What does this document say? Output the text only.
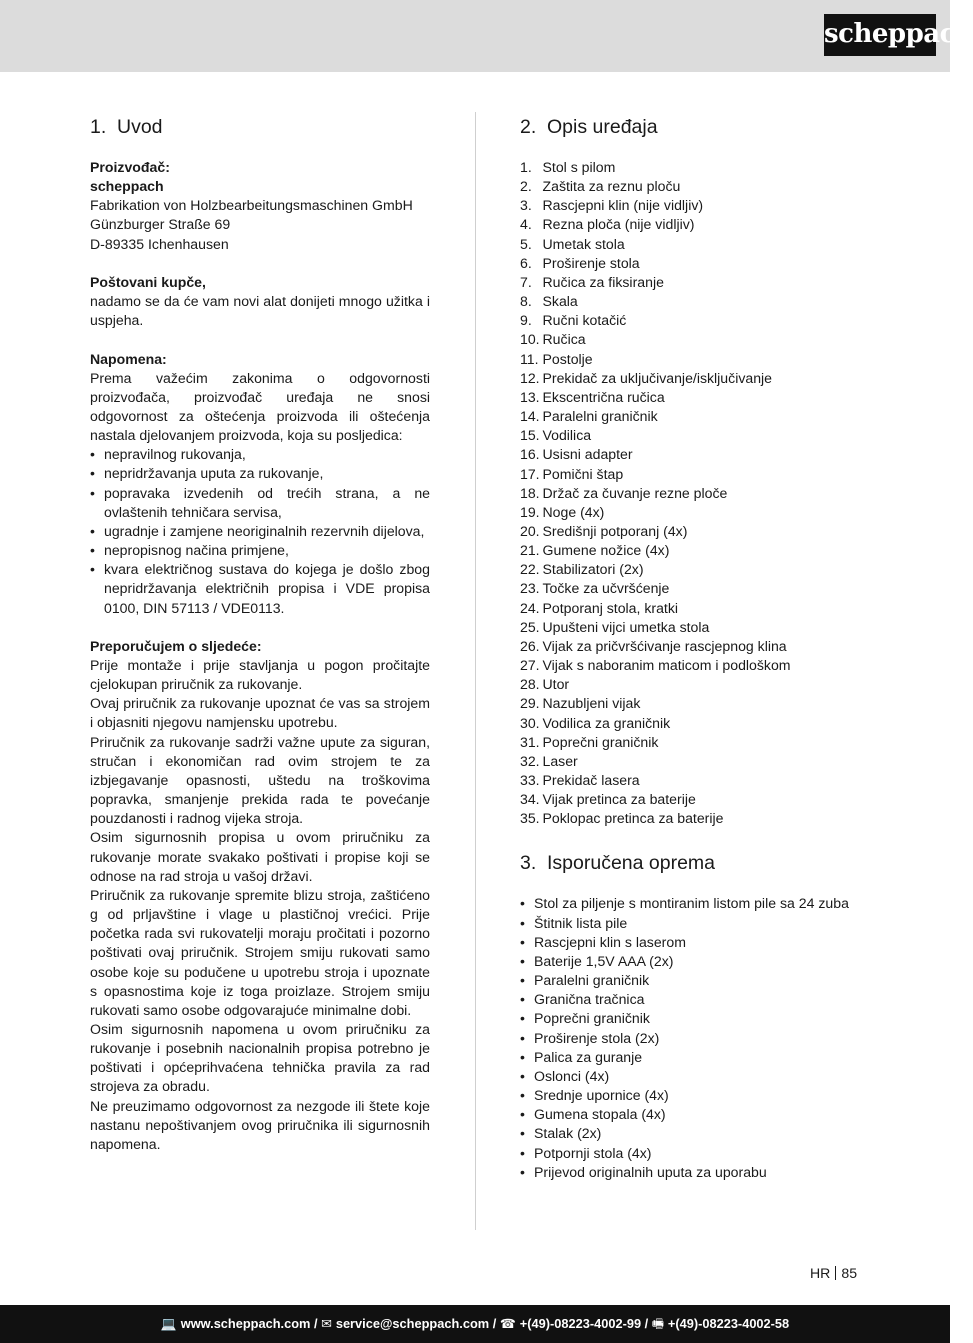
scheppach
1. Uvod
Proizvođač:
scheppach
Fabrikation von Holzbearbeitungsmaschinen GmbH
Günzburger Straße 69
D-89335 Ichenhausen
Poštovani kupče,
nadamo se da će vam novi alat donijeti mnogo užitka i uspjeha.
Napomena:
Prema važećim zakonima o odgovornosti proizvođača, proizvođač uređaja ne snosi odgovornost za oštećenja proizvoda ili oštećenja nastala djelovanjem proizvoda, koja su posljedica:
• nepravilnog rukovanja,
• nepridržavanja uputa za rukovanje,
• popravaka izvedenih od trećih strana, a ne ovlaštenih tehničara servisa,
• ugradnje i zamjene neoriginalnih rezervnih dijelova,
• nepropisnog načina primjene,
• kvara električnog sustava do kojega je došlo zbog nepridržavanja električnih propisa i VDE propisa 0100, DIN 57113 / VDE0113.
Preporučujem o sljedeće:
Prije montaže i prije stavljanja u pogon pročitajte cjelokupan priručnik za rukovanje.
Ovaj priručnik za rukovanje upoznat će vas sa strojem i objasniti njegovu namjensku upotrebu.
Priručnik za rukovanje sadrži važne upute za siguran, stručan i ekonomičan rad ovim strojem te za izbjegavanje opasnosti, uštedu na troškovima popravka, smanjenje prekida rada te povećanje pouzdanosti i radnog vijeka stroja.
Osim sigurnosnih propisa u ovom priručniku za rukovanje morate svakako poštivati i propise koji se odnose na rad stroja u vašoj državi.
Priručnik za rukovanje spremite blizu stroja, zaštićeno g od prljavštine i vlage u plastičnoj vrećici. Prije početka rada svi rukovatelji moraju pročitati i pozorno poštivati ovaj priručnik. Strojem smiju rukovati samo osobe koje su podučene u upotrebu stroja i upoznate s opasnostima koje iz toga proizlaze. Strojem smiju rukovati samo osobe odgovarajuće minimalne dobi.
Osim sigurnosnih napomena u ovom priručniku za rukovanje i posebnih nacionalnih propisa potrebno je poštivati i općeprihvaćena tehnička pravila za rad strojeva za obradu.
Ne preuzimamo odgovornost za nezgode ili štete koje nastanu nepoštivanjem ovog priručnika ili sigurnosnih napomena.
2. Opis uređaja
1. Stol s pilom
2. Zaštita za reznu ploču
3. Rascjepni klin (nije vidljiv)
4. Rezna ploča (nije vidljiv)
5. Umetak stola
6. Proširenje stola
7. Ručica za fiksiranje
8. Skala
9. Ručni kotačić
10. Ručica
11. Postolje
12. Prekidač za uključivanje/isključivanje
13. Ekscentrična ručica
14. Paralelni graničnik
15. Vodilica
16. Usisni adapter
17. Pomični štap
18. Držač za čuvanje rezne ploče
19. Noge (4x)
20. Središnji potporanj (4x)
21. Gumene nožice (4x)
22. Stabilizatori (2x)
23. Točke za učvršćenje
24. Potporanj stola, kratki
25. Upušteni vijci umetka stola
26. Vijak za pričvršćivanje rascjepnog klina
27. Vijak s naboranim maticom i podloškom
28. Utor
29. Nazubljeni vijak
30. Vodilica za graničnik
31. Poprečni graničnik
32. Laser
33. Prekidač lasera
34. Vijak pretinca za baterije
35. Poklopac pretinca za baterije
3. Isporučena oprema
• Stol za piljenje s montiranim listom pile sa 24 zuba
• Štitnik lista pile
• Rascjepni klin s laserom
• Baterije 1,5V AAA (2x)
• Paralelni graničnik
• Granična tračnica
• Poprečni graničnik
• Proširenje stola (2x)
• Palica za guranje
• Oslonci (4x)
• Srednje upornice (4x)
• Gumena stopala (4x)
• Stalak (2x)
• Potpornji stola (4x)
• Prijevod originalnih uputa za uporabu
HR 85
💻 www.scheppach.com / ✉ service@scheppach.com / ☎ +(49)-08223-4002-99 / 🖷 +(49)-08223-4002-58
